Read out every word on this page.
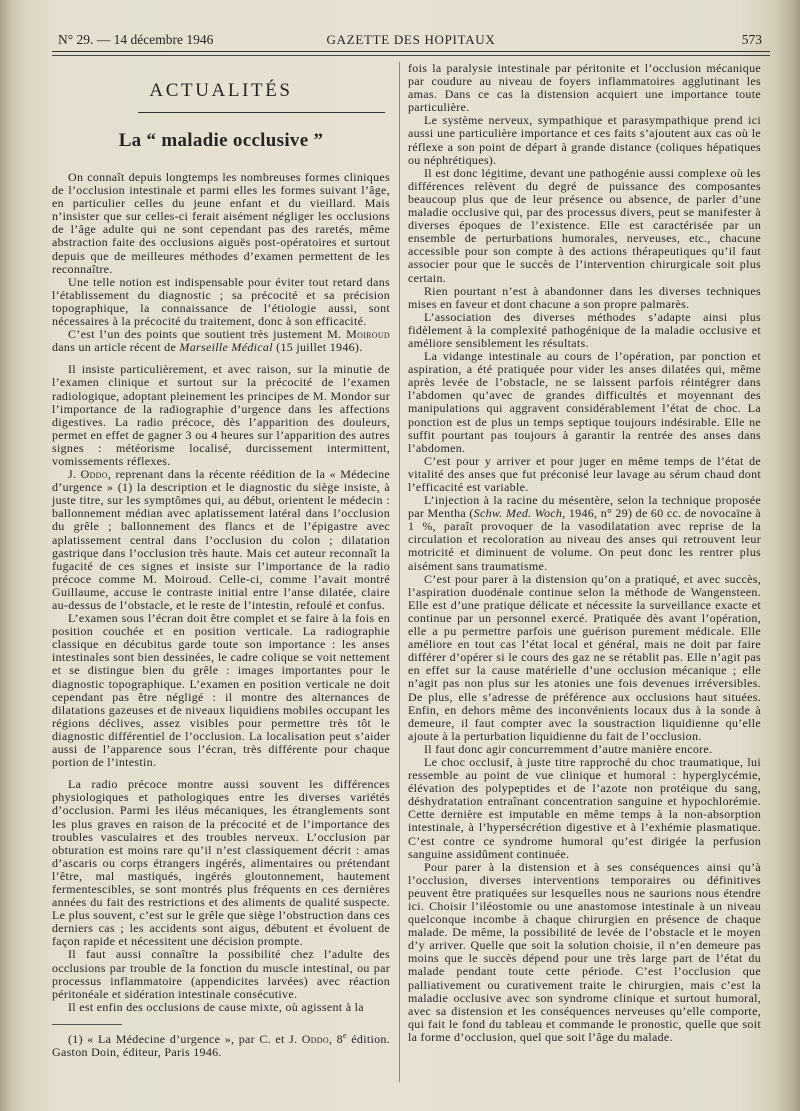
N° 29. — 14 décembre 1946	GAZETTE DES HOPITAUX	573
ACTUALITÉS
La “ maladie occlusive ”

On connaît depuis longtemps les nombreuses formes cliniques de l’occlusion intestinale et parmi elles les formes suivant l’âge, en particulier celles du jeune enfant et du vieillard. Mais n’insister que sur celles-ci ferait aisément négliger les occlusions de l’âge adulte qui ne sont cependant pas des raretés, même abstraction faite des occlusions aiguës post-opératoires et surtout depuis que de meilleures méthodes d’examen permettent de les reconnaître.

Une telle notion est indispensable pour éviter tout retard dans l’établissement du diagnostic ; sa précocité et sa précision topographique, la connaissance de l’étiologie aussi, sont nécessaires à la précocité du traitement, donc à son efficacité.

C’est l’un des points que soutient très justement M. Moiroud dans un article récent de Marseille Médical (15 juillet 1946).

Il insiste particulièrement, et avec raison, sur la minutie de l’examen clinique et surtout sur la précocité de l’examen radiologique, adoptant pleinement les principes de M. Mondor sur l’importance de la radiographie d’urgence dans les affections digestives. La radio précoce, dès l’apparition des douleurs, permet en effet de gagner 3 ou 4 heures sur l’apparition des autres signes : météorisme localisé, durcissement intermittent, vomissements réflexes.

J. Oddo, reprenant dans la récente réédition de la « Médecine d’urgence » (1) la description et le diagnostic du siège insiste, à juste titre, sur les symptômes qui, au début, orientent le médecin : ballonnement médian avec aplatissement latéral dans l’occlusion du grêle ; ballonnement des flancs et de l’épigastre avec aplatissement central dans l’occlusion du colon ; dilatation gastrique dans l’occlusion très haute. Mais cet auteur reconnaît la fugacité de ces signes et insiste sur l’importance de la radio précoce comme M. Moiroud. Celle-ci, comme l’avait montré Guillaume, accuse le contraste initial entre l’anse dilatée, claire au-dessus de l’obstacle, et le reste de l’intestin, refoulé et confus.

L’examen sous l’écran doit être complet et se faire à la fois en position couchée et en position verticale. La radiographie classique en décubitus garde toute son importance : les anses intestinales sont bien dessinées, le cadre colique se voit nettement et se distingue bien du grêle : images importantes pour le diagnostic topographique. L’examen en position verticale ne doit cependant pas être négligé : il montre des alternances de dilatations gazeuses et de niveaux liquidiens mobiles occupant les régions déclives, assez visibles pour permettre très tôt le diagnostic différentiel de l’occlusion. La localisation peut s’aider aussi de l’apparence sous l’écran, très différente pour chaque portion de l’intestin.

La radio précoce montre aussi souvent les différences physiologiques et pathologiques entre les diverses variétés d’occlusion. Parmi les iléus mécaniques, les étranglements sont les plus graves en raison de la précocité et de l’importance des troubles vasculaires et des troubles nerveux. L’occlusion par obturation est moins rare qu’il n’est classiquement décrit : amas d’ascaris ou corps étrangers ingérés, alimentaires ou prétendant l’être, mal mastiqués, ingérés gloutonnement, hautement fermentescibles, se sont montrés plus fréquents en ces dernières années du fait des restrictions et des aliments de qualité suspecte. Le plus souvent, c’est sur le grêle que siège l’obstruction dans ces derniers cas ; les accidents sont aigus, débutent et évoluent de façon rapide et nécessitent une décision prompte.

Il faut aussi connaître la possibilité chez l’adulte des occlusions par trouble de la fonction du muscle intestinal, ou par processus inflammatoire (appendicites larvées) avec réaction péritonéale et sidération intestinale consécutive.

Il est enfin des occlusions de cause mixte, où agissent à la

(1) « La Médecine d’urgence », par C. et J. Oddo, 8e édition. Gaston Doin, éditeur, Paris 1946.

fois la paralysie intestinale par péritonite et l’occlusion mécanique par coudure au niveau de foyers inflammatoires agglutinant les amas. Dans ce cas la distension acquiert une importance toute particulière.

Le système nerveux, sympathique et parasympathique prend ici aussi une particulière importance et ces faits s’ajoutent aux cas où le réflexe a son point de départ à grande distance (coliques hépatiques ou néphrétiques).

Il est donc légitime, devant une pathogénie aussi complexe où les différences relèvent du degré de puissance des composantes beaucoup plus que de leur présence ou absence, de parler d’une maladie occlusive qui, par des processus divers, peut se manifester à diverses époques de l’existence. Elle est caractérisée par un ensemble de perturbations humorales, nerveuses, etc., chacune accessible pour son compte à des actions thérapeutiques qu’il faut associer pour que le succès de l’intervention chirurgicale soit plus certain.

Rien pourtant n’est à abandonner dans les diverses techniques mises en faveur et dont chacune a son propre palmarès.

L’association des diverses méthodes s’adapte ainsi plus fidèlement à la complexité pathogénique de la maladie occlusive et améliore sensiblement les résultats.

La vidange intestinale au cours de l’opération, par ponction et aspiration, a été pratiquée pour vider les anses dilatées qui, même après levée de l’obstacle, ne se laissent parfois réintégrer dans l’abdomen qu’avec de grandes difficultés et moyennant des manipulations qui aggravent considérablement l’état de choc. La ponction est de plus un temps septique toujours indésirable. Elle ne suffit pourtant pas toujours à garantir la rentrée des anses dans l’abdomen.

C’est pour y arriver et pour juger en même temps de l’état de vitalité des anses que fut préconisé leur lavage au sérum chaud dont l’efficacité est variable.

L’injection à la racine du mésentère, selon la technique proposée par Mentha (Schw. Med. Woch, 1946, n° 29) de 60 cc. de novocaïne à 1 %, paraît provoquer de la vasodilatation avec reprise de la circulation et recoloration au niveau des anses qui retrouvent leur motricité et diminuent de volume. On peut donc les rentrer plus aisément sans traumatisme.

C’est pour parer à la distension qu’on a pratiqué, et avec succès, l’aspiration duodénale continue selon la méthode de Wangensteen. Elle est d’une pratique délicate et nécessite la surveillance exacte et continue par un personnel exercé. Pratiquée dès avant l’opération, elle a pu permettre parfois une guérison purement médicale. Elle améliore en tout cas l’état local et général, mais ne doit par faire différer d’opérer si le cours des gaz ne se rétablit pas. Elle n’agit pas en effet sur la cause matérielle d’une occlusion mécanique ; elle n’agit pas non plus sur les atonies une fois devenues irréversibles. De plus, elle s’adresse de préférence aux occlusions haut situées. Enfin, en dehors même des inconvénients locaux dus à la sonde à demeure, il faut compter avec la soustraction liquidienne qu’elle ajoute à la perturbation liquidienne du fait de l’occlusion.

Il faut donc agir concurremment d’autre manière encore.

Le choc occlusif, à juste titre rapproché du choc traumatique, lui ressemble au point de vue clinique et humoral : hyperglycémie, élévation des polypeptides et de l’azote non protéique du sang, déshydratation entraînant concentration sanguine et hypochlorémie. Cette dernière est imputable en même temps à la non-absorption intestinale, à l’hypersécrétion digestive et à l’exhémie plasmatique. C’est contre ce syndrome humoral qu’est dirigée la perfusion sanguine assidûment continuée.

Pour parer à la distension et à ses conséquences ainsi qu’à l’occlusion, diverses interventions temporaires ou définitives peuvent être pratiquées sur lesquelles nous ne saurions nous étendre ici. Choisir l’iléostomie ou une anastomose intestinale à un niveau quelconque incombe à chaque chirurgien en présence de chaque malade. De même, la possibilité de levée de l’obstacle et le moyen d’y arriver. Quelle que soit la solution choisie, il n’en demeure pas moins que le succès dépend pour une très large part de l’état du malade pendant toute cette période. C’est l’occlusion que palliativement ou curativement traite le chirurgien, mais c’est la maladie occlusive avec son syndrome clinique et surtout humoral, avec sa distension et les conséquences nerveuses qu’elle comporte, qui fait le fond du tableau et commande le pronostic, quelle que soit la forme d’occlusion, quel que soit l’âge du malade.
